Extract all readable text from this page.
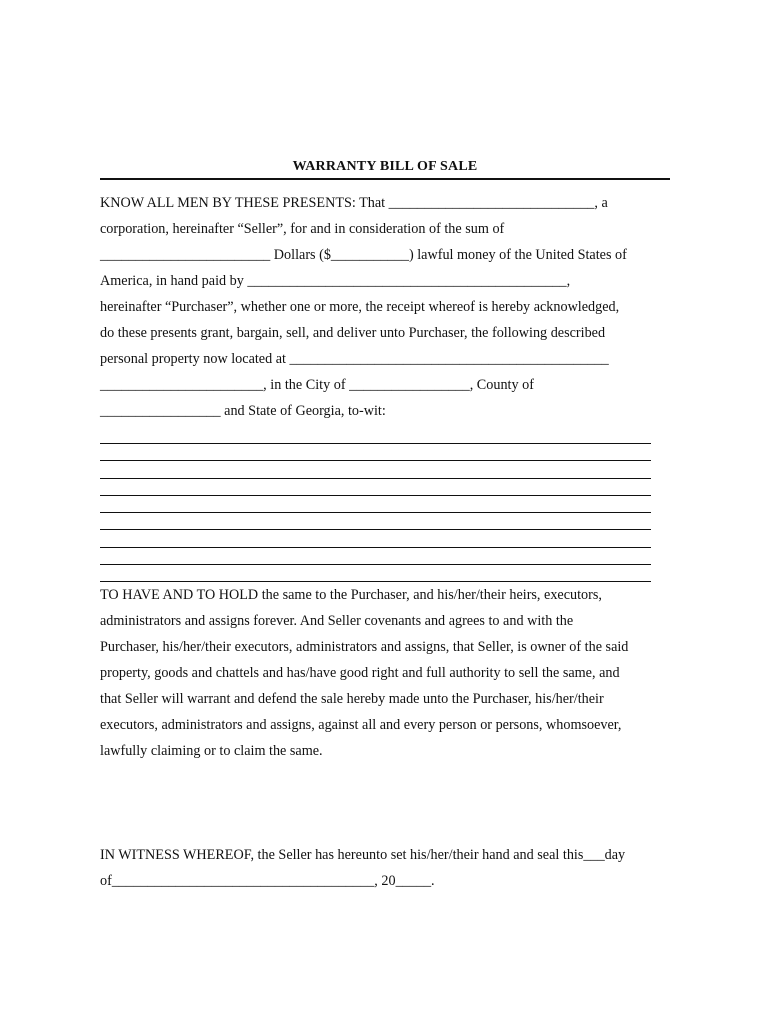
WARRANTY BILL OF SALE
KNOW ALL MEN BY THESE PRESENTS: That _____________________________, a
corporation, hereinafter “Seller”, for and in consideration of the sum of
________________________ Dollars ($___________) lawful money of the United States of
America, in hand paid by _____________________________________________,
hereinafter “Purchaser”, whether one or more, the receipt whereof is hereby acknowledged,
do these presents grant, bargain, sell, and deliver unto Purchaser, the following described
personal property now located at _____________________________________________
_______________________, in the City of _________________, County of
_________________ and State of Georgia, to-wit:
TO HAVE AND TO HOLD the same to the Purchaser, and his/her/their heirs, executors,
administrators and assigns forever. And Seller covenants and agrees to and with the
Purchaser, his/her/their executors, administrators and assigns, that Seller, is owner of the said
property, goods and chattels and has/have good right and full authority to sell the same, and
that Seller will warrant and defend the sale hereby made unto the Purchaser, his/her/their
executors, administrators and assigns, against all and every person or persons, whomsoever,
lawfully claiming or to claim the same.
IN WITNESS WHEREOF, the Seller has hereunto set his/her/their hand and seal this___day
of_____________________________________, 20_____.
